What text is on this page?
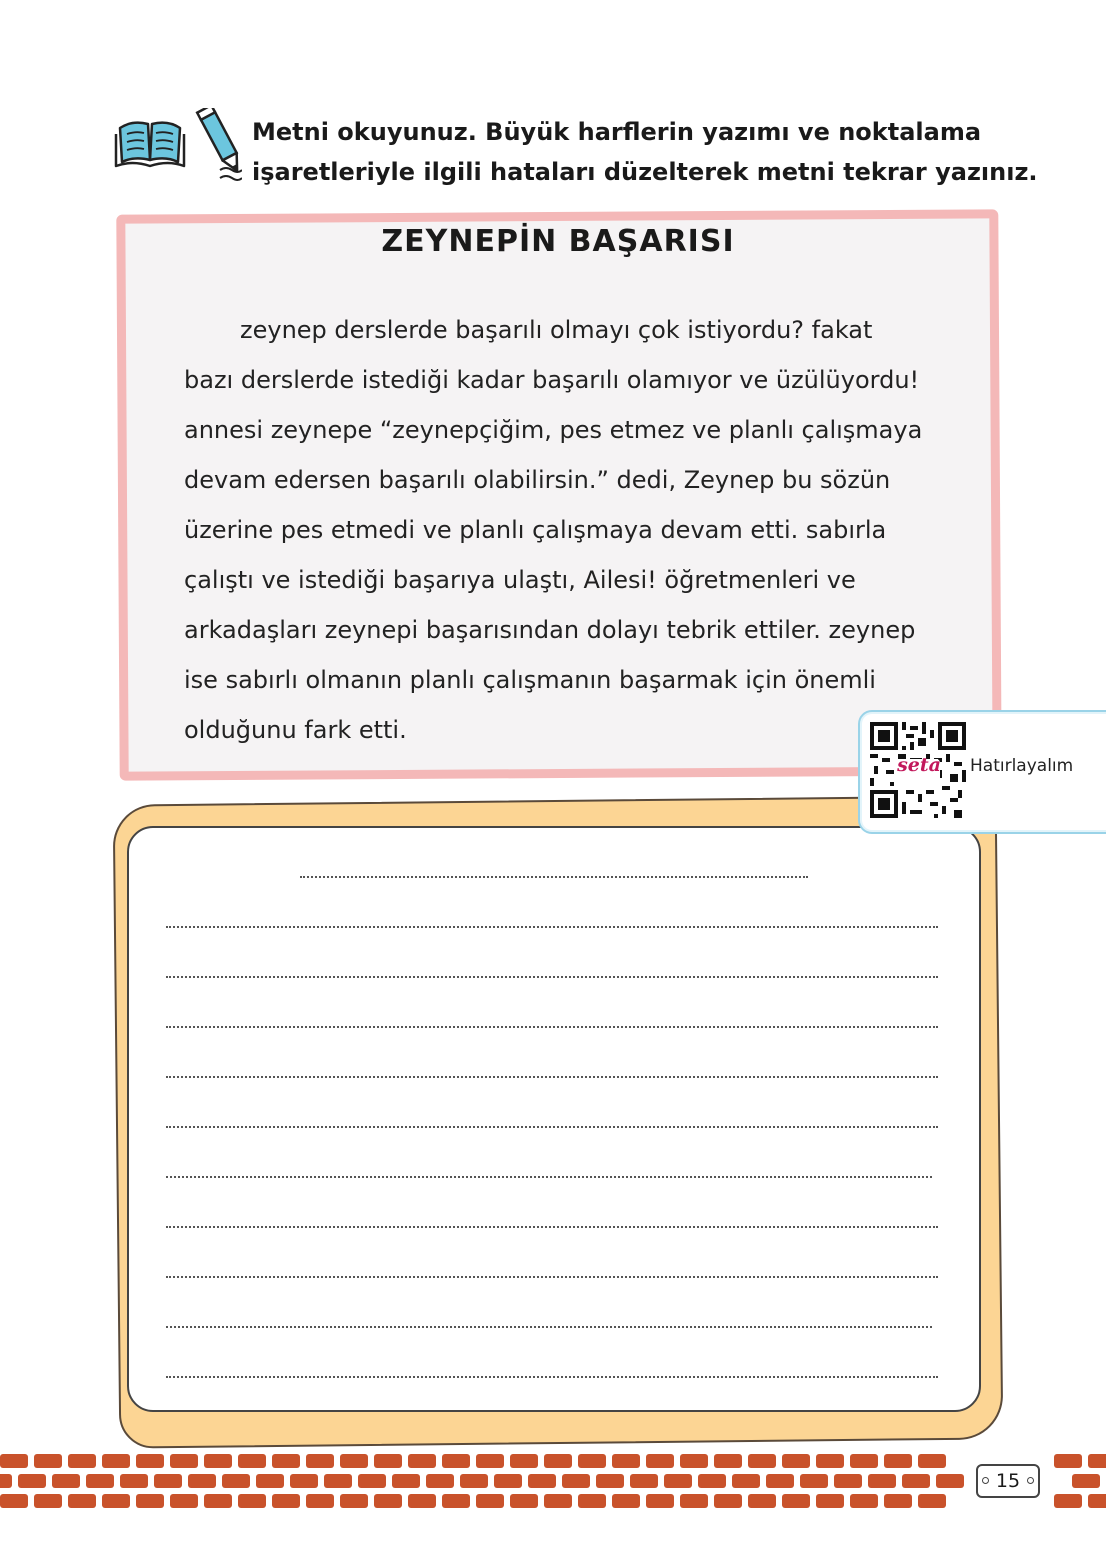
Metni okuyunuz. Büyük harflerin yazımı ve noktalama
işaretleriyle ilgili hataları düzelterek metni tekrar yazınız.
ZEYNEPİN BAŞARISI
zeynep derslerde başarılı olmayı çok istiyordu? fakat
bazı derslerde istediği kadar başarılı olamıyor ve üzülüyordu!
annesi zeynepe “zeynepçiğim, pes etmez ve planlı çalışmaya
devam edersen başarılı olabilirsin.” dedi, Zeynep bu sözün
üzerine pes etmedi ve planlı çalışmaya devam etti. sabırla
çalıştı ve istediği başarıya ulaştı, Ailesi! öğretmenleri ve
arkadaşları zeynepi başarısından dolayı tebrik ettiler. zeynep
ise sabırlı olmanın planlı çalışmanın başarmak için önemli
olduğunu fark etti.
seta	Hatırlayalım
15
